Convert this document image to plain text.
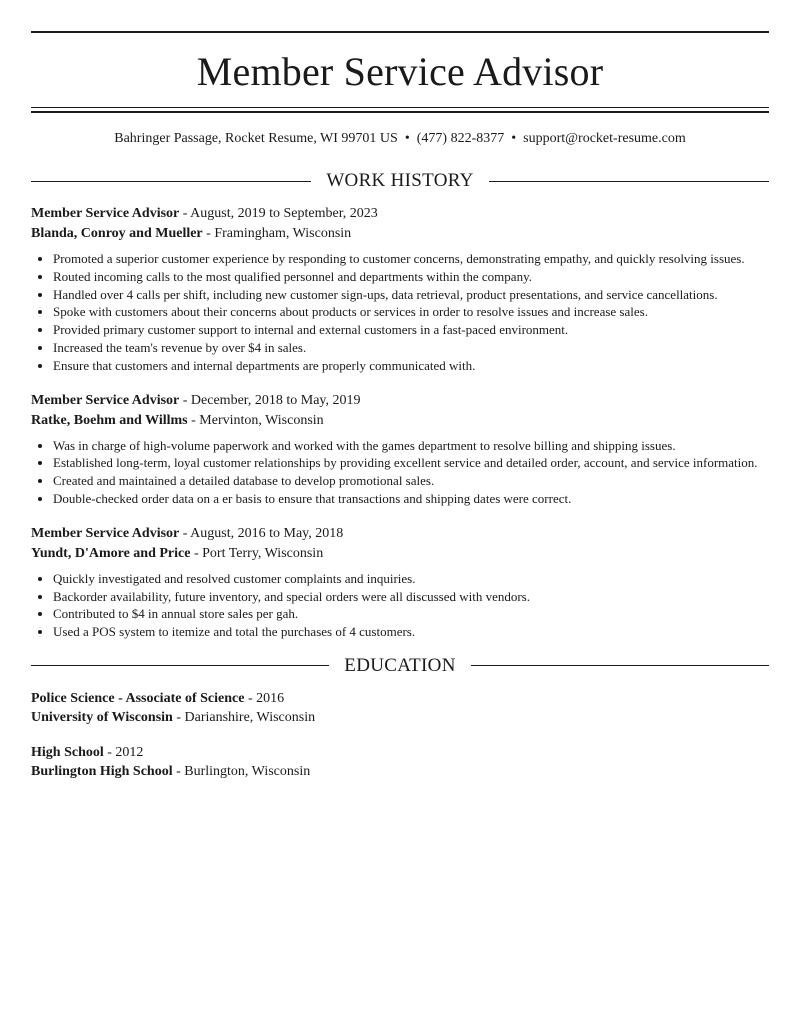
Member Service Advisor
Bahringer Passage, Rocket Resume, WI 99701 US • (477) 822-8377 • support@rocket-resume.com
WORK HISTORY
Member Service Advisor - August, 2019 to September, 2023
Blanda, Conroy and Mueller - Framingham, Wisconsin
• Promoted a superior customer experience by responding to customer concerns, demonstrating empathy, and quickly resolving issues.
• Routed incoming calls to the most qualified personnel and departments within the company.
• Handled over 4 calls per shift, including new customer sign-ups, data retrieval, product presentations, and service cancellations.
• Spoke with customers about their concerns about products or services in order to resolve issues and increase sales.
• Provided primary customer support to internal and external customers in a fast-paced environment.
• Increased the team's revenue by over $4 in sales.
• Ensure that customers and internal departments are properly communicated with.
Member Service Advisor - December, 2018 to May, 2019
Ratke, Boehm and Willms - Mervinton, Wisconsin
• Was in charge of high-volume paperwork and worked with the games department to resolve billing and shipping issues.
• Established long-term, loyal customer relationships by providing excellent service and detailed order, account, and service information.
• Created and maintained a detailed database to develop promotional sales.
• Double-checked order data on a er basis to ensure that transactions and shipping dates were correct.
Member Service Advisor - August, 2016 to May, 2018
Yundt, D'Amore and Price - Port Terry, Wisconsin
• Quickly investigated and resolved customer complaints and inquiries.
• Backorder availability, future inventory, and special orders were all discussed with vendors.
• Contributed to $4 in annual store sales per gah.
• Used a POS system to itemize and total the purchases of 4 customers.
EDUCATION
Police Science - Associate of Science - 2016
University of Wisconsin - Darianshire, Wisconsin
High School - 2012
Burlington High School - Burlington, Wisconsin
